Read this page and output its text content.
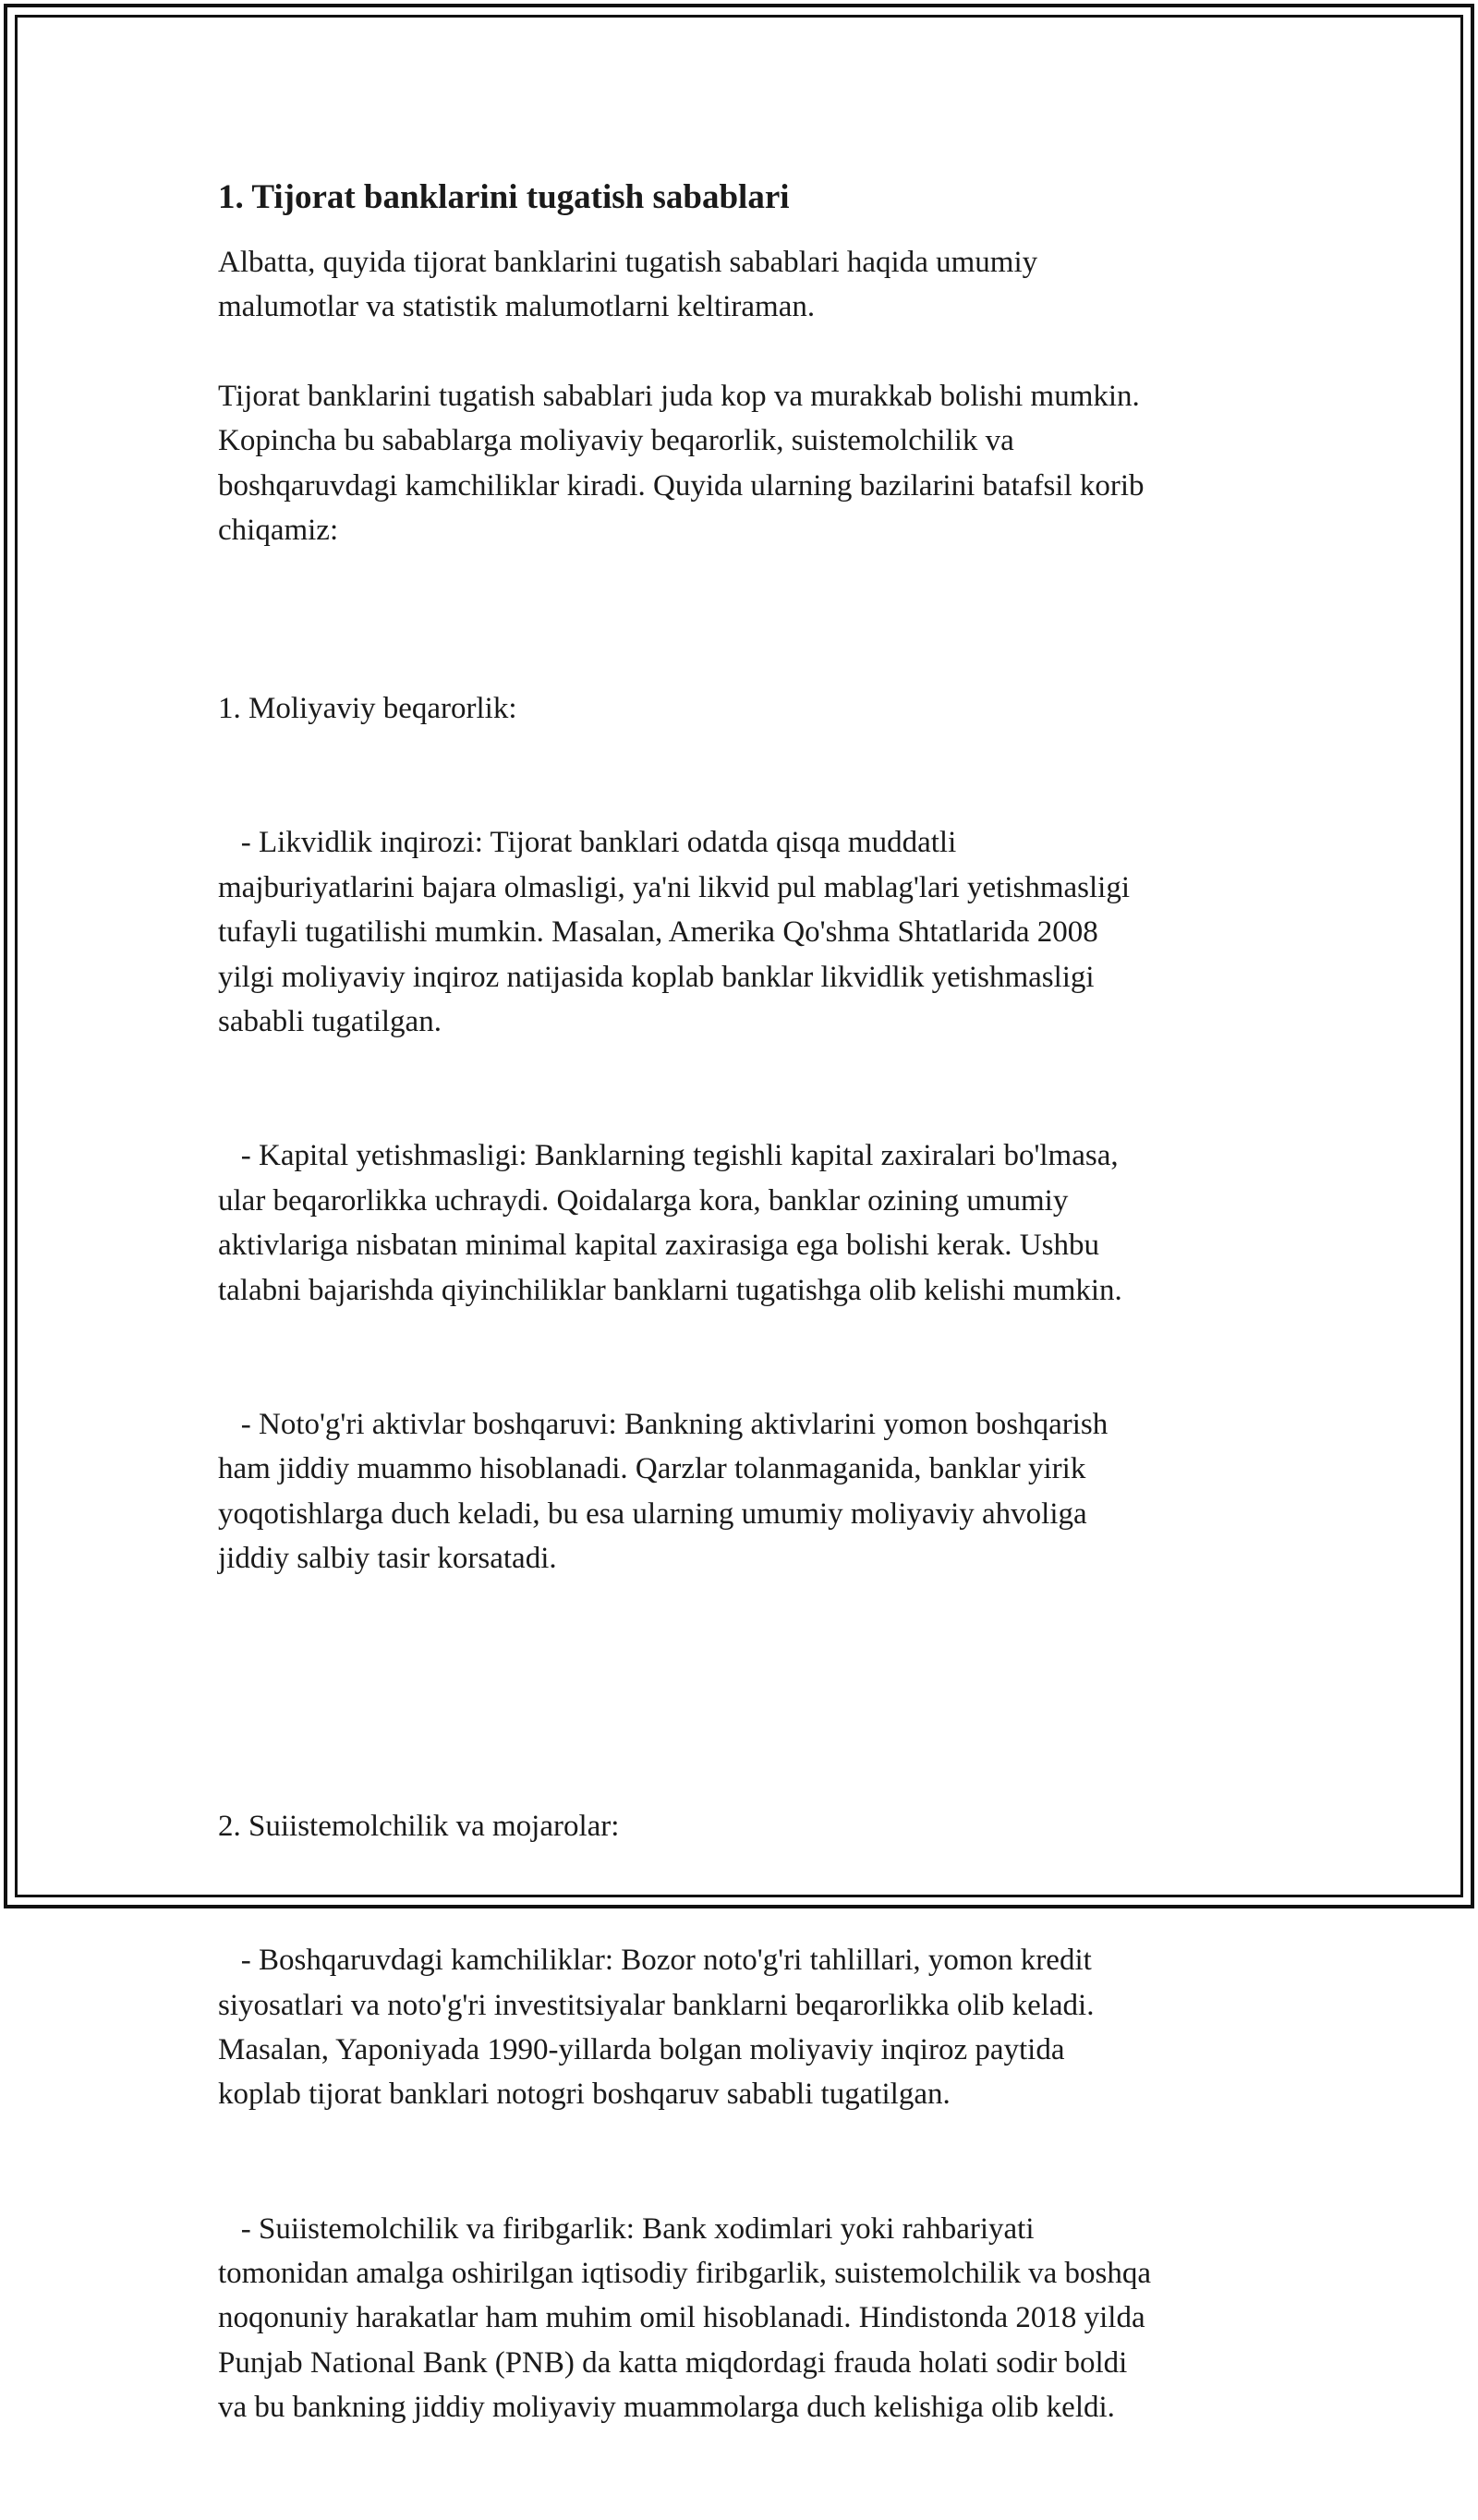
1. Tijorat banklarini tugatish sabablari

Albatta, quyida tijorat banklarini tugatish sabablari haqida umumiy
malumotlar va statistik malumotlarni keltiraman.

Tijorat banklarini tugatish sabablari juda kop va murakkab bolishi mumkin.
Kopincha bu sabablarga moliyaviy beqarorlik, suistemolchilik va
boshqaruvdagi kamchiliklar kiradi. Quyida ularning bazilarini batafsil korib
chiqamiz:

1. Moliyaviy beqarorlik:

- Likvidlik inqirozi: Tijorat banklari odatda qisqa muddatli
majburiyatlarini bajara olmasligi, ya'ni likvid pul mablag'lari yetishmasligi
tufayli tugatilishi mumkin. Masalan, Amerika Qo'shma Shtatlarida 2008
yilgi moliyaviy inqiroz natijasida koplab banklar likvidlik yetishmasligi
sababli tugatilgan.

- Kapital yetishmasligi: Banklarning tegishli kapital zaxiralari bo'lmasa,
ular beqarorlikka uchraydi. Qoidalarga kora, banklar ozining umumiy
aktivlariga nisbatan minimal kapital zaxirasiga ega bolishi kerak. Ushbu
talabni bajarishda qiyinchiliklar banklarni tugatishga olib kelishi mumkin.

- Noto'g'ri aktivlar boshqaruvi: Bankning aktivlarini yomon boshqarish
ham jiddiy muammo hisoblanadi. Qarzlar tolanmaganida, banklar yirik
yoqotishlarga duch keladi, bu esa ularning umumiy moliyaviy ahvoliga
jiddiy salbiy tasir korsatadi.

2. Suiistemolchilik va mojarolar:

- Boshqaruvdagi kamchiliklar: Bozor noto'g'ri tahlillari, yomon kredit
siyosatlari va noto'g'ri investitsiyalar banklarni beqarorlikka olib keladi.
Masalan, Yaponiyada 1990-yillarda bolgan moliyaviy inqiroz paytida
koplab tijorat banklari notogri boshqaruv sababli tugatilgan.

- Suiistemolchilik va firibgarlik: Bank xodimlari yoki rahbariyati
tomonidan amalga oshirilgan iqtisodiy firibgarlik, suistemolchilik va boshqa
noqonuniy harakatlar ham muhim omil hisoblanadi. Hindistonda 2018 yilda
Punjab National Bank (PNB) da katta miqdordagi frauda holati sodir boldi
va bu bankning jiddiy moliyaviy muammolarga duch kelishiga olib keldi.
